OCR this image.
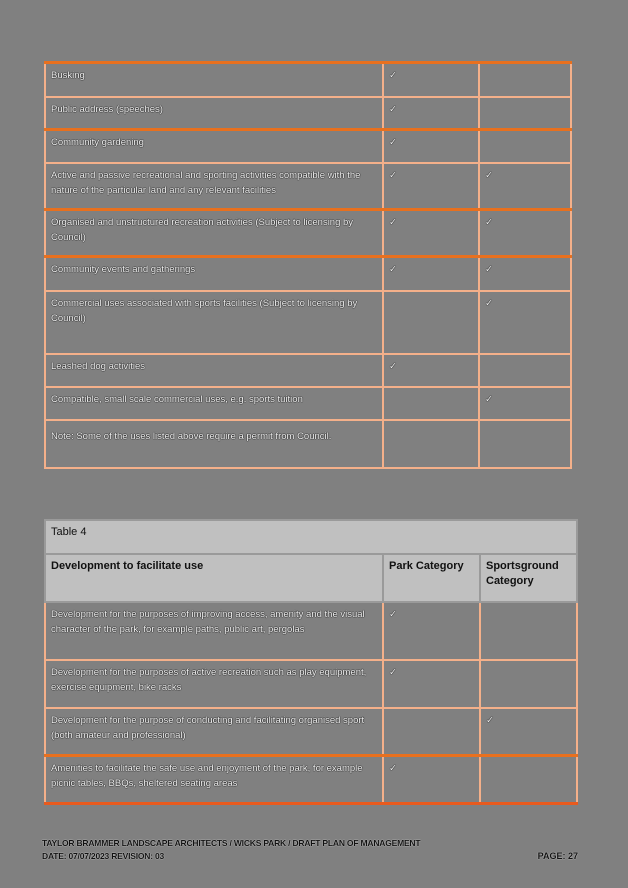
Busking	✓	
Public address (speeches)	✓	
Community gardening	✓	
Active and passive recreational and sporting activities compatible with the nature of the particular land and any relevant facilities	✓	✓
Organised and unstructured recreation activities (Subject to licensing by Council)	✓	✓
Community events and gatherings	✓	✓
Commercial uses associated with sports facilities (Subject to licensing by Council)		✓
Leashed dog activities	✓	
Compatible, small scale commercial uses, e.g. sports tuition		✓
Note: Some of the uses listed above require a permit from Council.		
Table 4		
Development to facilitate use	Park Category	Sportsground Category
Development for the purposes of improving access, amenity and the visual character of the park, for example paths, public art, pergolas	✓	
Development for the purposes of active recreation such as play equipment, exercise equipment, bike racks	✓	
Development for the purpose of conducting and facilitating organised sport (both amateur and professional)		✓
Amenities to facilitate the safe use and enjoyment of the park, for example picnic tables, BBQs, sheltered seating areas	✓	
TAYLOR BRAMMER LANDSCAPE ARCHITECTS / WICKS PARK / DRAFT PLAN OF MANAGEMENT
DATE: 07/07/2023 REVISION: 03	PAGE: 27
